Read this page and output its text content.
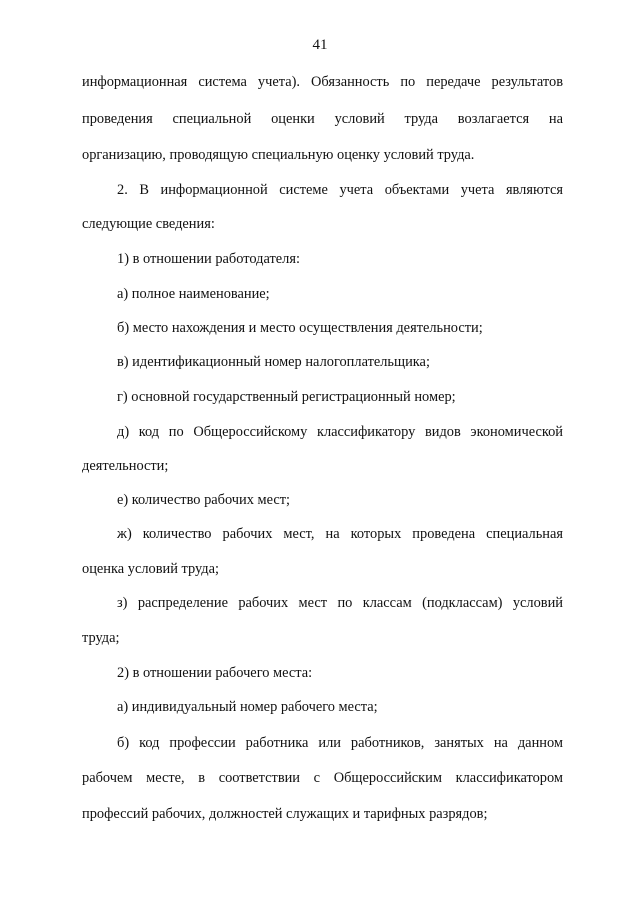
41
информационная система учета). Обязанность по передаче результатов
проведения специальной оценки условий труда возлагается на
организацию, проводящую специальную оценку условий труда.
2. В информационной системе учета объектами учета являются
следующие сведения:
1) в отношении работодателя:
а) полное наименование;
б) место нахождения и место осуществления деятельности;
в) идентификационный номер налогоплательщика;
г) основной государственный регистрационный номер;
д) код по Общероссийскому классификатору видов экономической
деятельности;
е) количество рабочих мест;
ж) количество рабочих мест, на которых проведена специальная
оценка условий труда;
з) распределение рабочих мест по классам (подклассам) условий
труда;
2) в отношении рабочего места:
а) индивидуальный номер рабочего места;
б) код профессии работника или работников, занятых на данном
рабочем месте, в соответствии с Общероссийским классификатором
профессий рабочих, должностей служащих и тарифных разрядов;
